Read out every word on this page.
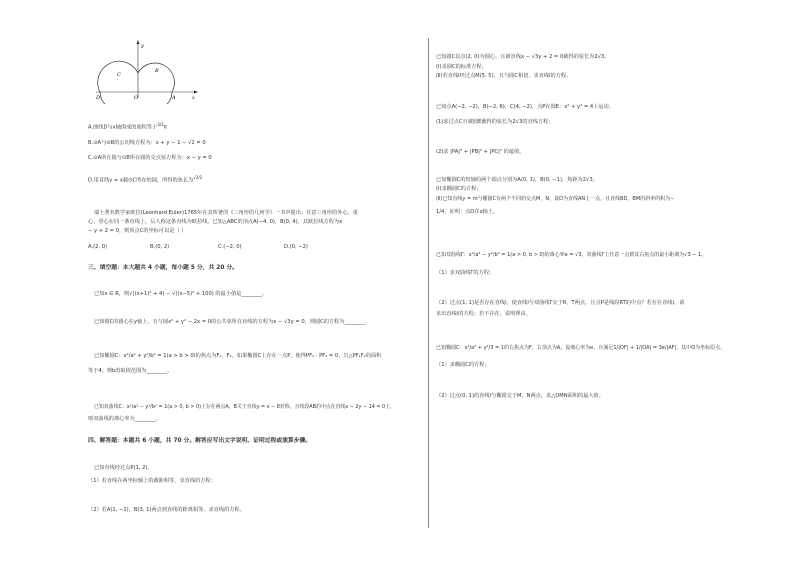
y
C
B
D	O	A	x
A.曲线D与x轴围成的面积等于$^{3/2}$π
B.⊙A与⊙B的公切线方程为：x + y − 1 − √2 = 0
C.⊙A所在圆与⊙B所在圆的交点弦方程为：x − y = 0
D.用直线y = x截⊙C所在的圆，所得的弦长为$^{√2/2}$
瑞士著名数学家欧拉(Leonhard Euler)1765年在其所著的《三角形的几何学》一书中提出：任意三角形的外心、重
心、垂心在同一条直线上，后人称这条直线为欧拉线。已知△ABC的顶点A(−4, 0)，B(0, 4)，其欧拉线方程为x
− y + 2 = 0，则顶点C的坐标可以是（ ）
A.(2, 0)	B.(0, 2)	C.(−2, 0)	D.(0, −2)
三、填空题：本大题共 4 小题，每小题 5 分，共 20 分。
已知x ∈ R，则√((x+1)² + 4) − √((x−5)² + 100) 的最小值是________。
已知圆C的圆心在y轴上，且与圆x² + y² − 2x = 0的公共弦所在直线的方程为x − √3y = 0，则圆C的方程为________。
已知椭圆C：x²/a² + y²/b² = 1(a > b > 0)的焦点为F₁，F₂，如果椭圆C上存在一点P，使得PF₁ · PF₂ = 0，且△PF₁F₂的面积
等于4，则b的取值范围为________。
已知双曲线C：x²/a² − y²/b² = 1(a > 0, b > 0)上存在两点A，B关于直线y = x − 8对称，且线段AB的中点在直线x − 2y − 14 = 0上，
则双曲线的离心率为________。
四、解答题：本题共 6 小题，共 70 分。解答应写出文字说明、证明过程或演算步骤。
已知直线经过点P(1, 2)。
（1）若直线在两坐标轴上的截距相等，求直线的方程；
（2）若A(1, −1)，B(3, 1)两点到直线的距离相等，求直线的方程。
已知圆C以点(2, 0)为圆心，且被直线x − √3y + 2 = 0截得的弦长为2√3。
(Ⅰ)求圆C的标准方程；
(Ⅱ)若直线l经过点M(5, 5)，且与圆C相切，求直线l的方程。
已知点A(−2, −2)，B(−2, 6)，C(4, −2)，点P在圆E：x² + y² = 4上运动。
(1)求过点C且被圆E截得的弦长为2√3的直线方程；
(2)求 |PA|² + |PB|² + |PC|² 的最值。
已知椭圆C的短轴的两个端点分别为A(0, 1)，B(0, −1)，焦距为2√3。
(Ⅰ)求椭圆C的方程；
(Ⅱ)已知直线y = m与椭圆C有两个不同的交点M，N，设D为直线AN上一点，且直线BD，BM的斜率的积为−
1/4，证明：点D在x轴上。
已知双曲线Γ：x²/a² − y²/b² = 1(a > 0, b > 0)的离心率e = √3，双曲线Γ上任意一点到其右焦点的最小距离为√3 − 1。
（1）求双曲线Γ的方程；
（2）过点(1, 1)是否存在直线l，使直线l与双曲线Γ交于R，T两点，且点P是线段RT的中点？若存在直线l，请
求出直线l的方程；若不存在，说明理由。
已知椭圆C：x²/a² + y²/3 = 1的右焦点为F，右顶点为A，设离心率为e，且满足1/|OF| + 1/|OA| = 3e/|AF|，其中O为坐标原点。
（1）求椭圆C的方程；
（2）过点(0, 1)的直线l与椭圆交于M，N两点，求△OMN面积的最大值。
